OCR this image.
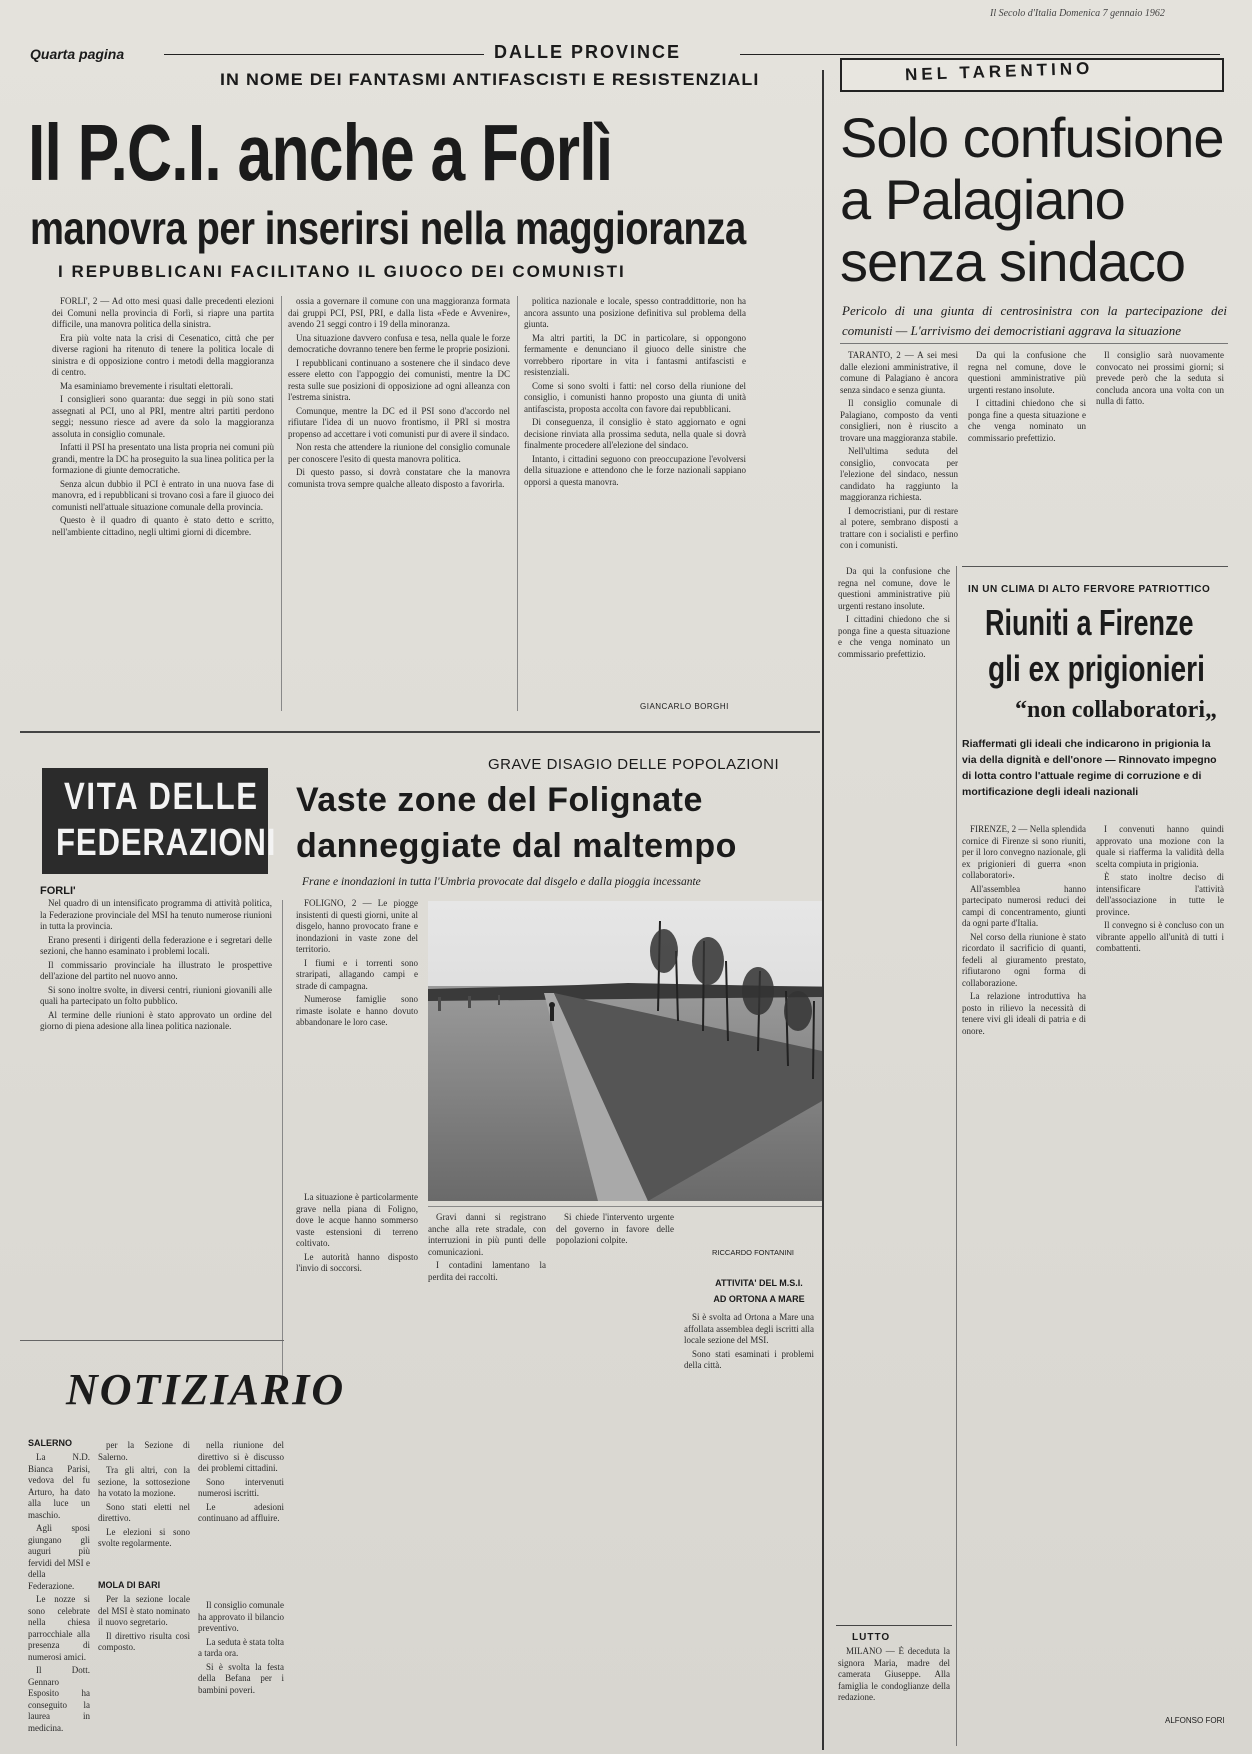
Quarta pagina	DALLE PROVINCE
Il Secolo d'Italia Domenica 7 gennaio 1962
IN NOME DEI FANTASMI ANTIFASCISTI E RESISTENZIALI
Il P.C.I. anche a Forlì
manovra per inserirsi nella maggioranza
I REPUBBLICANI FACILITANO IL GIUOCO DEI COMUNISTI

FORLI', 2 — Ad otto mesi quasi dalle precedenti elezioni dei Comuni nella provincia di Forlì, si riapre una partita difficile, una manovra politica della sinistra.

Era più volte nata la crisi di Cesenatico, città che per diverse ragioni ha ritenuto di tenere la politica locale di sinistra e di opposizione contro i metodi della maggioranza di centro.

Ma esaminiamo brevemente i risultati elettorali.

I consiglieri sono quaranta: due seggi in più sono stati assegnati al PCI, uno al PRI, mentre altri partiti perdono seggi; nessuno riesce ad avere da solo la maggioranza assoluta in consiglio comunale.

Infatti il PSI ha presentato una lista propria nei comuni più grandi, mentre la DC ha proseguito la sua linea politica per la formazione di giunte democratiche.

Senza alcun dubbio il PCI è entrato in una nuova fase di manovra, ed i repubblicani si trovano così a fare il giuoco dei comunisti nell'attuale situazione comunale della provincia.

Questo è il quadro di quanto è stato detto e scritto, nell'ambiente cittadino, negli ultimi giorni di dicembre.

ossia a governare il comune con una maggioranza formata dai gruppi PCI, PSI, PRI, e dalla lista «Fede e Avvenire», avendo 21 seggi contro i 19 della minoranza.

Una situazione davvero confusa e tesa, nella quale le forze democratiche dovranno tenere ben ferme le proprie posizioni.

I repubblicani continuano a sostenere che il sindaco deve essere eletto con l'appoggio dei comunisti, mentre la DC resta sulle sue posizioni di opposizione ad ogni alleanza con l'estrema sinistra.

Comunque, mentre la DC ed il PSI sono d'accordo nel rifiutare l'idea di un nuovo frontismo, il PRI si mostra propenso ad accettare i voti comunisti pur di avere il sindaco.

Non resta che attendere la riunione del consiglio comunale per conoscere l'esito di questa manovra politica.

Di questo passo, si dovrà constatare che la manovra comunista trova sempre qualche alleato disposto a favorirla.

politica nazionale e locale, spesso contraddittorie, non ha ancora assunto una posizione definitiva sul problema della giunta.

Ma altri partiti, la DC in particolare, si oppongono fermamente e denunciano il giuoco delle sinistre che vorrebbero riportare in vita i fantasmi antifascisti e resistenziali.

Come si sono svolti i fatti: nel corso della riunione del consiglio, i comunisti hanno proposto una giunta di unità antifascista, proposta accolta con favore dai repubblicani.

Di conseguenza, il consiglio è stato aggiornato e ogni decisione rinviata alla prossima seduta, nella quale si dovrà finalmente procedere all'elezione del sindaco.

Intanto, i cittadini seguono con preoccupazione l'evolversi della situazione e attendono che le forze nazionali sappiano opporsi a questa manovra.

GIANCARLO BORGHI
NEL TARENTINO
Solo confusione
a Palagiano
senza sindaco
Pericolo di una giunta di centrosinistra con la partecipazione dei comunisti — L'arrivismo dei democristiani aggrava la situazione

TARANTO, 2 — A sei mesi dalle elezioni amministrative, il comune di Palagiano è ancora senza sindaco e senza giunta.

Il consiglio comunale di Palagiano, composto da venti consiglieri, non è riuscito a trovare una maggioranza stabile.

Nell'ultima seduta del consiglio, convocata per l'elezione del sindaco, nessun candidato ha raggiunto la maggioranza richiesta.

I democristiani, pur di restare al potere, sembrano disposti a trattare con i socialisti e perfino con i comunisti.

Da qui la confusione che regna nel comune, dove le questioni amministrative più urgenti restano insolute.

I cittadini chiedono che si ponga fine a questa situazione e che venga nominato un commissario prefettizio.

Il consiglio sarà nuovamente convocato nei prossimi giorni; si prevede però che la seduta si concluda ancora una volta con un nulla di fatto.

IN UN CLIMA DI ALTO FERVORE PATRIOTTICO
Riuniti a Firenze
gli ex prigionieri
“non collaboratori„
Riaffermati gli ideali che indicarono in prigionia la via della dignità e dell'onore — Rinnovato impegno di lotta contro l'attuale regime di corruzione e di mortificazione degli ideali nazionali

FIRENZE, 2 — Nella splendida cornice di Firenze si sono riuniti, per il loro convegno nazionale, gli ex prigionieri di guerra «non collaboratori».

All'assemblea hanno partecipato numerosi reduci dei campi di concentramento, giunti da ogni parte d'Italia.

Nel corso della riunione è stato ricordato il sacrificio di quanti, fedeli al giuramento prestato, rifiutarono ogni forma di collaborazione.

La relazione introduttiva ha posto in rilievo la necessità di tenere vivi gli ideali di patria e di onore.

I convenuti hanno quindi approvato una mozione con la quale si riafferma la validità della scelta compiuta in prigionia.

È stato inoltre deciso di intensificare l'attività dell'associazione in tutte le province.

Il convegno si è concluso con un vibrante appello all'unità di tutti i combattenti.

ALFONSO FORI

Da qui la confusione che regna nel comune, dove le questioni amministrative più urgenti restano insolute.

I cittadini chiedono che si ponga fine a questa situazione e che venga nominato un commissario prefettizio.

LUTTO

MILANO — È deceduta la signora Maria, madre del camerata Giuseppe. Alla famiglia le condoglianze della redazione.

VITA DELLE
FEDERAZIONI
FORLI'

Nel quadro di un intensificato programma di attività politica, la Federazione provinciale del MSI ha tenuto numerose riunioni in tutta la provincia.

Erano presenti i dirigenti della federazione e i segretari delle sezioni, che hanno esaminato i problemi locali.

Il commissario provinciale ha illustrato le prospettive dell'azione del partito nel nuovo anno.

Si sono inoltre svolte, in diversi centri, riunioni giovanili alle quali ha partecipato un folto pubblico.

Al termine delle riunioni è stato approvato un ordine del giorno di piena adesione alla linea politica nazionale.

GRAVE DISAGIO DELLE POPOLAZIONI
Vaste zone del Folignate
danneggiate dal maltempo
Frane e inondazioni in tutta l'Umbria provocate dal disgelo e dalla pioggia incessante

FOLIGNO, 2 — Le piogge insistenti di questi giorni, unite al disgelo, hanno provocato frane e inondazioni in vaste zone del territorio.

I fiumi e i torrenti sono straripati, allagando campi e strade di campagna.

Numerose famiglie sono rimaste isolate e hanno dovuto abbandonare le loro case.

La situazione è particolarmente grave nella piana di Foligno, dove le acque hanno sommerso vaste estensioni di terreno coltivato.

Le autorità hanno disposto l'invio di soccorsi.

Gravi danni si registrano anche alla rete stradale, con interruzioni in più punti delle comunicazioni.

I contadini lamentano la perdita dei raccolti.

Si chiede l'intervento urgente del governo in favore delle popolazioni colpite.

RICCARDO FONTANINI
ATTIVITA' DEL M.S.I.
AD ORTONA A MARE

Si è svolta ad Ortona a Mare una affollata assemblea degli iscritti alla locale sezione del MSI.

Sono stati esaminati i problemi della città.

NOTIZIARIO
SALERNO

La N.D. Bianca Parisi, vedova del fu Arturo, ha dato alla luce un maschio.

Agli sposi giungano gli auguri più fervidi del MSI e della Federazione.

Le nozze si sono celebrate nella chiesa parrocchiale alla presenza di numerosi amici.

Il Dott. Gennaro Esposito ha conseguito la laurea in medicina.

per la Sezione di Salerno.

Tra gli altri, con la sezione, la sottosezione ha votato la mozione.

Sono stati eletti nel direttivo.

Le elezioni si sono svolte regolarmente.

MOLA DI BARI

Per la sezione locale del MSI è stato nominato il nuovo segretario.

Il direttivo risulta così composto.

nella riunione del direttivo si è discusso dei problemi cittadini.

Sono intervenuti numerosi iscritti.

Le adesioni continuano ad affluire.

Il consiglio comunale ha approvato il bilancio preventivo.

La seduta è stata tolta a tarda ora.

Si è svolta la festa della Befana per i bambini poveri.
